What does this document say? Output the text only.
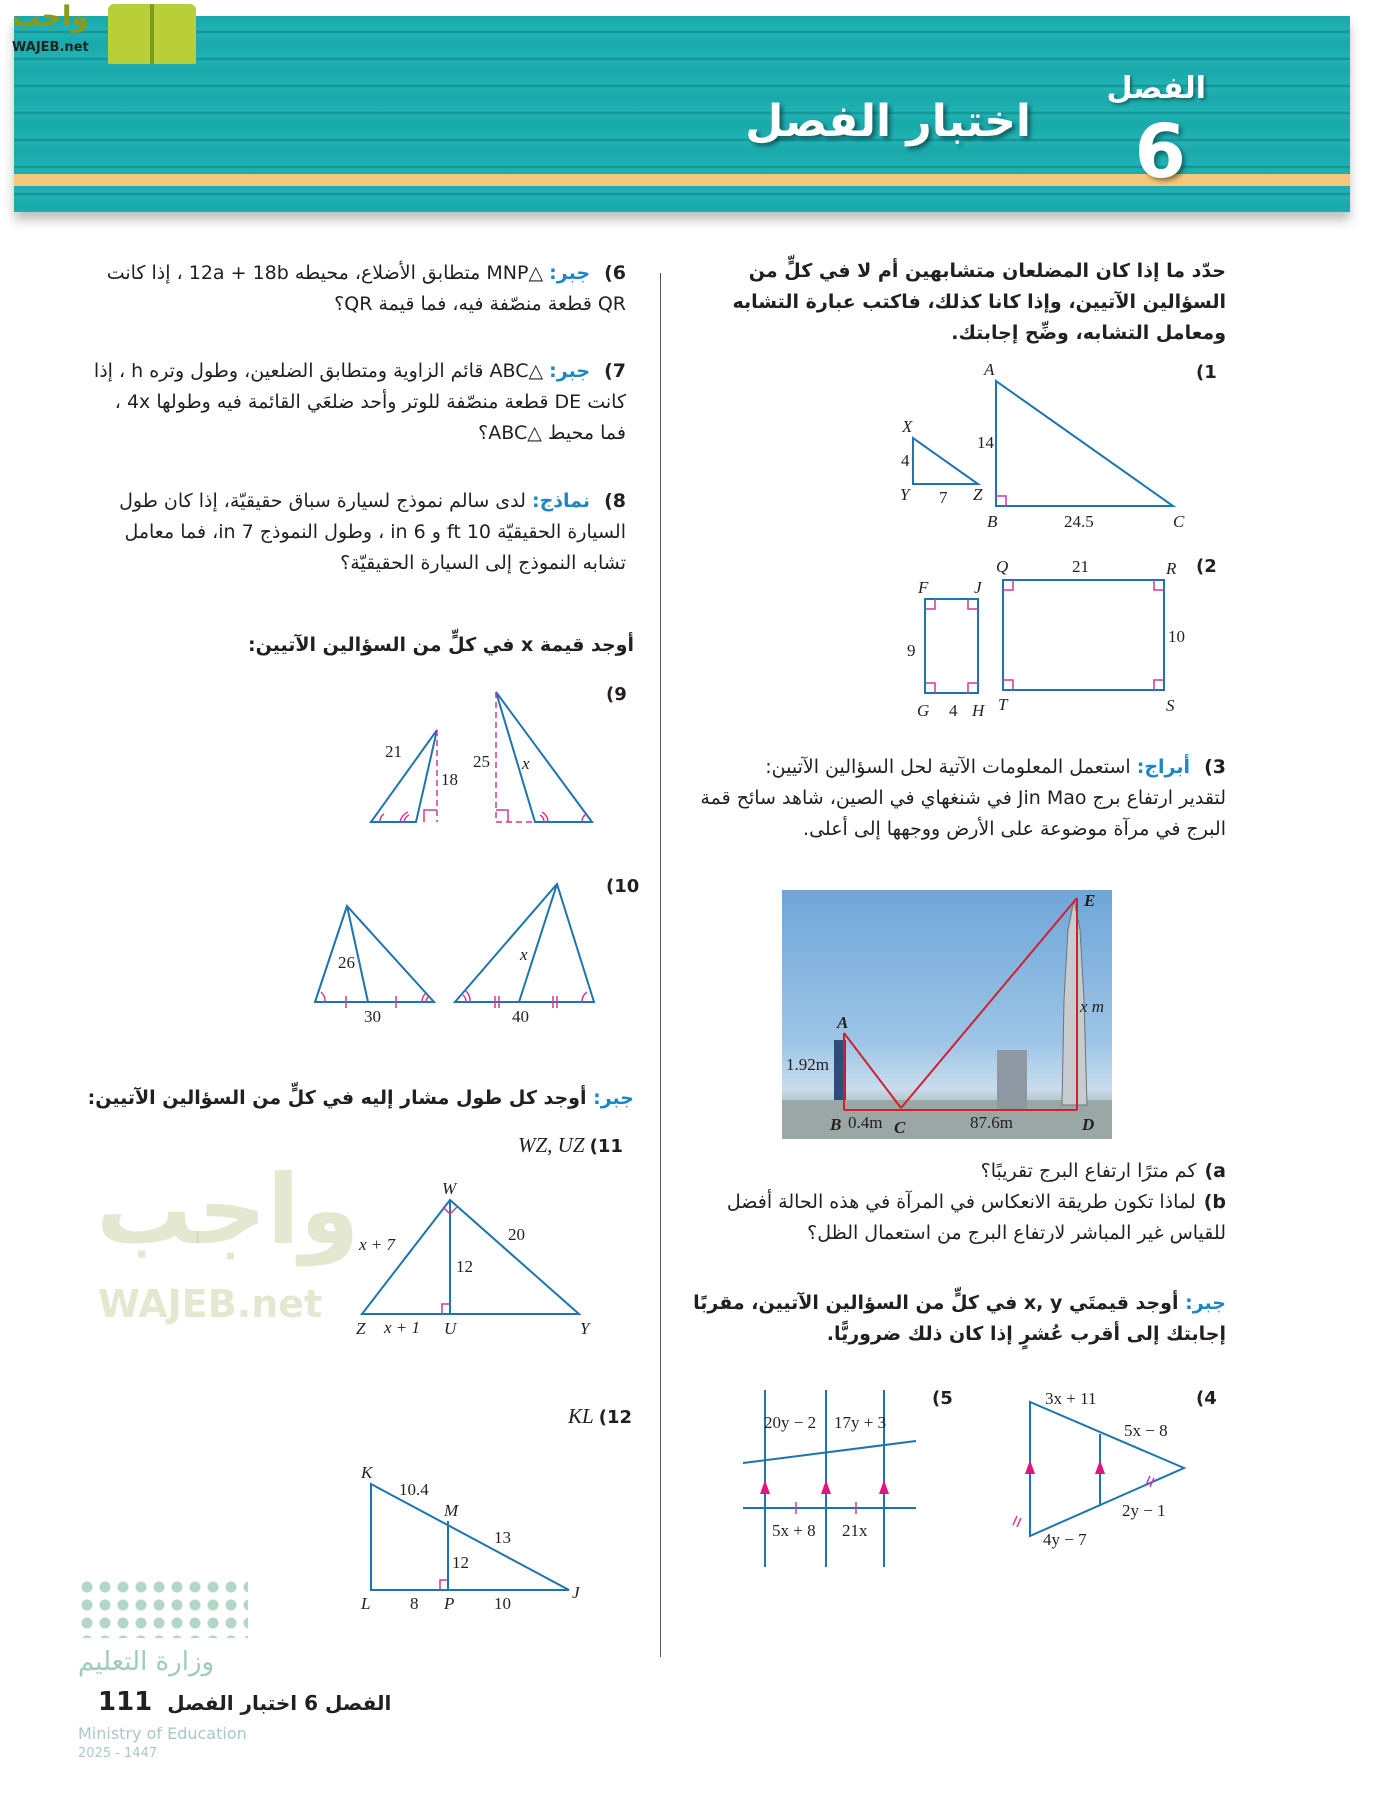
الفصل
6
اختبار الفصل
واجب
WAJEB.net
واجب
WAJEB.net
حدّد ما إذا كان المضلعان متشابهين أم لا في كلٍّ من السؤالين الآتيين، وإذا كانا كذلك، فاكتب عبارة التشابه ومعامل التشابه، وضِّح إجابتك.
(1
(2
3) أبراج: استعمل المعلومات الآتية لحل السؤالين الآتيين:
لتقدير ارتفاع برج Jin Mao في شنغهاي في الصين، شاهد سائح قمة البرج في مرآة موضوعة على الأرض ووجهها إلى أعلى.
A
1.92m
B 0.4m C	87.6m	D
E
x m
a)كم مترًا ارتفاع البرج تقريبًا؟
b)لماذا تكون طريقة الانعكاس في المرآة في هذه الحالة أفضل للقياس غير المباشر لارتفاع البرج من استعمال الظل؟
جبر: أوجد قيمتَي x, y في كلٍّ من السؤالين الآتيين، مقربًا إجابتك إلى أقرب عُشرٍ إذا كان ذلك ضروريًّا.
(4
(5
6) جبر: △MNP متطابق الأضلاع، محيطه 12a + 18b ، إذا كانت QR قطعة منصّفة فيه، فما قيمة QR؟
7) جبر: △ABC قائم الزاوية ومتطابق الضلعين، وطول وتره h ، إذا كانت DE قطعة منصّفة للوتر وأحد ضلعَي القائمة فيه وطولها 4x ، فما محيط △ABC؟
8) نماذج: لدى سالم نموذج لسيارة سباق حقيقيّة، إذا كان طول السيارة الحقيقيّة 10 ft و 6 in ، وطول النموذج 7 in، فما معامل تشابه النموذج إلى السيارة الحقيقيّة؟
أوجد قيمة x في كلٍّ من السؤالين الآتيين:
(9
(10
جبر: أوجد كل طول مشار إليه في كلٍّ من السؤالين الآتيين:
WZ, UZ (11
KL (12
X
Y	Z
4
7
A
14
B	24.5	C
F	J
9
G 4 H
Q	21	R
10
T	S
3x + 11
5x − 8
2y − 1
4y − 7
20y − 2 17y + 3
5x + 8 21x
21
18
25 x
26
30
x
40
W
Z	U	Y
x + 7
x + 1
12
20
K
L
M
P
J
10.4
13
12
8	10
وزارة التعليم
Ministry of Education
2025 - 1447
الفصل 6 اختبار الفصل 111
